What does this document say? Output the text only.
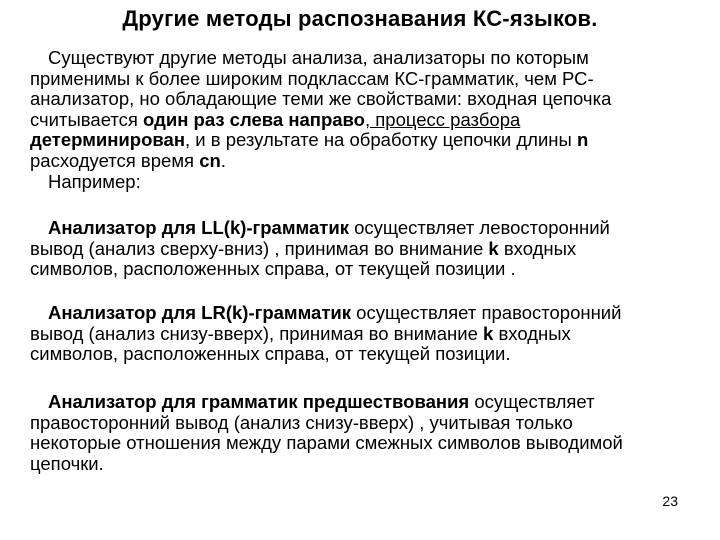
Другие методы распознавания КС-языков.
Существуют другие методы анализа, анализаторы по которым
применимы к более широким подклассам КС-грамматик, чем РС-
анализатор, но обладающие теми же свойствами: входная цепочка
считывается один раз слева направо, процесс разбора
детерминирован, и в результате на обработку цепочки длины n
расходуется время cn.
Например:
Анализатор для LL(k)-грамматик осуществляет левосторонний
вывод (анализ сверху-вниз) , принимая во внимание k входных
символов, расположенных справа, от текущей позиции .
Анализатор для LR(k)-грамматик осуществляет правосторонний
вывод (анализ снизу-вверх), принимая во внимание k входных
символов, расположенных справа, от текущей позиции.
Анализатор для грамматик предшествования осуществляет
правосторонний вывод (анализ снизу-вверх) , учитывая только
некоторые отношения между парами смежных символов выводимой
цепочки.
23
